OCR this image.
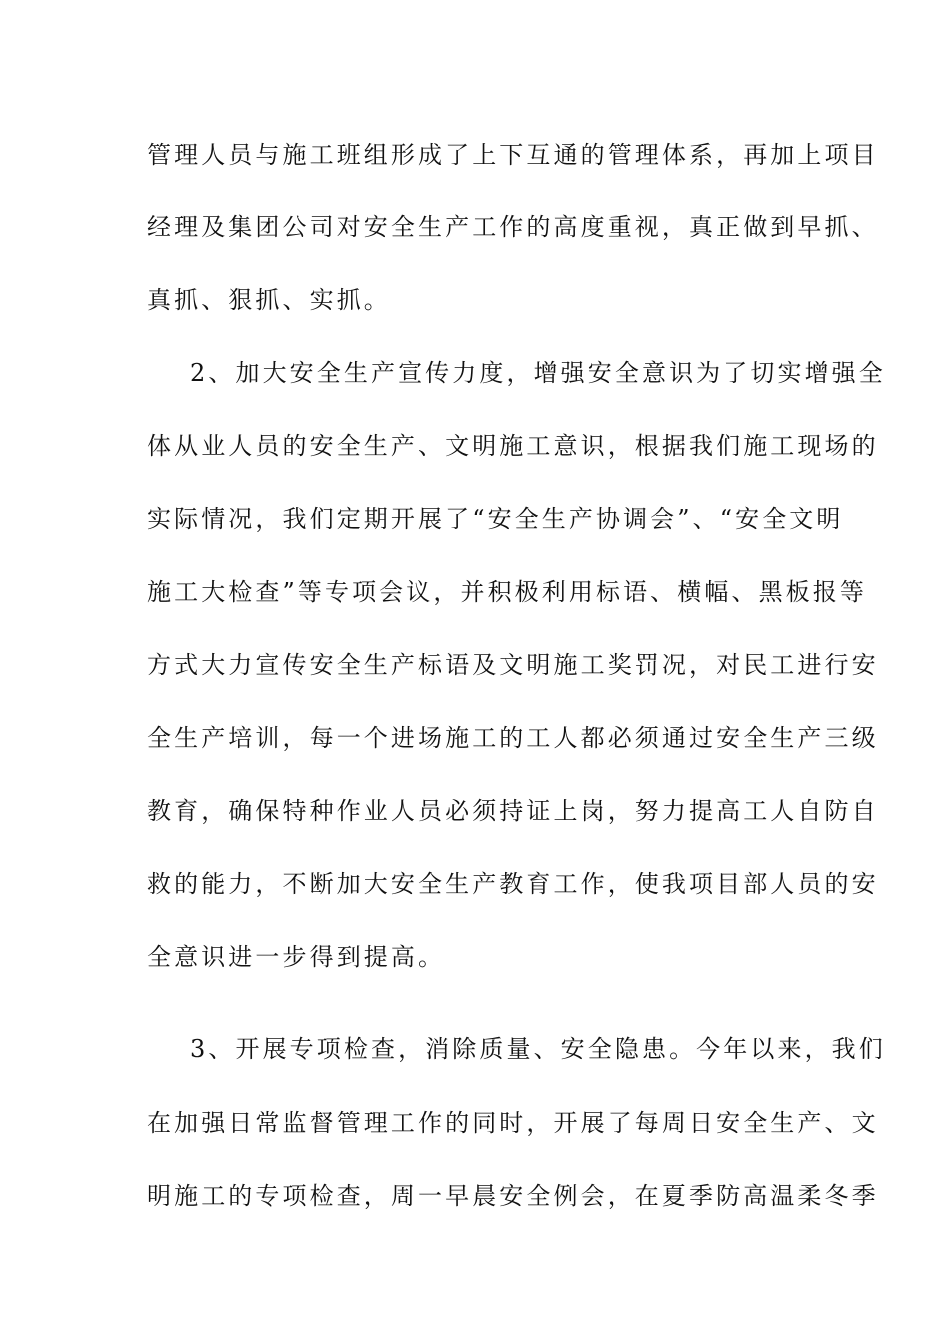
管理人员与施工班组形成了上下互通的管理体系，再加上项目
经理及集团公司对安全生产工作的高度重视，真正做到早抓、
真抓、狠抓、实抓。
2、加大安全生产宣传力度，增强安全意识为了切实增强全
体从业人员的安全生产、文明施工意识，根据我们施工现场的
实际情况，我们定期开展了“安全生产协调会”、“安全文明
施工大检查”等专项会议，并积极利用标语、横幅、黑板报等
方式大力宣传安全生产标语及文明施工奖罚况，对民工进行安
全生产培训，每一个进场施工的工人都必须通过安全生产三级
教育，确保特种作业人员必须持证上岗，努力提高工人自防自
救的能力，不断加大安全生产教育工作，使我项目部人员的安
全意识进一步得到提高。
3、开展专项检查，消除质量、安全隐患。今年以来，我们
在加强日常监督管理工作的同时，开展了每周日安全生产、文
明施工的专项检查，周一早晨安全例会，在夏季防高温柔冬季
